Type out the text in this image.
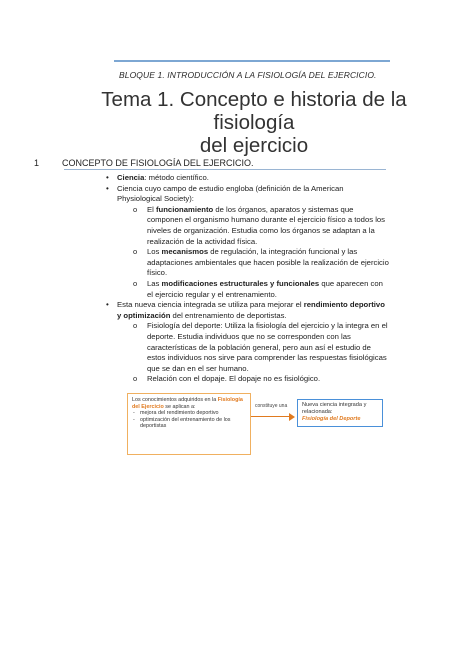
BLOQUE 1. INTRODUCCIÓN A LA FISIOLOGÍA DEL EJERCICIO.
Tema 1. Concepto e historia de la fisiología
del ejercicio
1	CONCEPTO DE FISIOLOGÍA DEL EJERCICIO.

• Ciencia: método científico.

• Ciencia cuyo campo de estudio engloba (definición de la American Physiological Society):

o El funcionamiento de los órganos, aparatos y sistemas que componen el organismo humano durante el ejercicio físico a todos los niveles de organización. Estudia como los órganos se adaptan a la realización de la actividad física.

o Los mecanismos de regulación, la integración funcional y las adaptaciones ambientales que hacen posible la realización de ejercicio físico.

o Las modificaciones estructurales y funcionales que aparecen con el ejercicio regular y el entrenamiento.

• Esta nueva ciencia integrada se utiliza para mejorar el rendimiento deportivo y optimización del entrenamiento de deportistas.

o Fisiología del deporte: Utiliza la fisiología del ejercicio y la integra en el deporte. Estudia individuos que no se corresponden con las características de la población general, pero aun así el estudio de estos individuos nos sirve para comprender las respuestas fisiológicas que se dan en el ser humano.

o Relación con el dopaje. El dopaje no es fisiológico.

Los conocimientos adquiridos en la Fisiología del Ejercicio se aplican a:
- mejora del rendimiento deportivo
- optimización del entrenamiento de los deportistas
constituye una	Nueva ciencia integrada y relacionada:
Fisiología del Deporte
